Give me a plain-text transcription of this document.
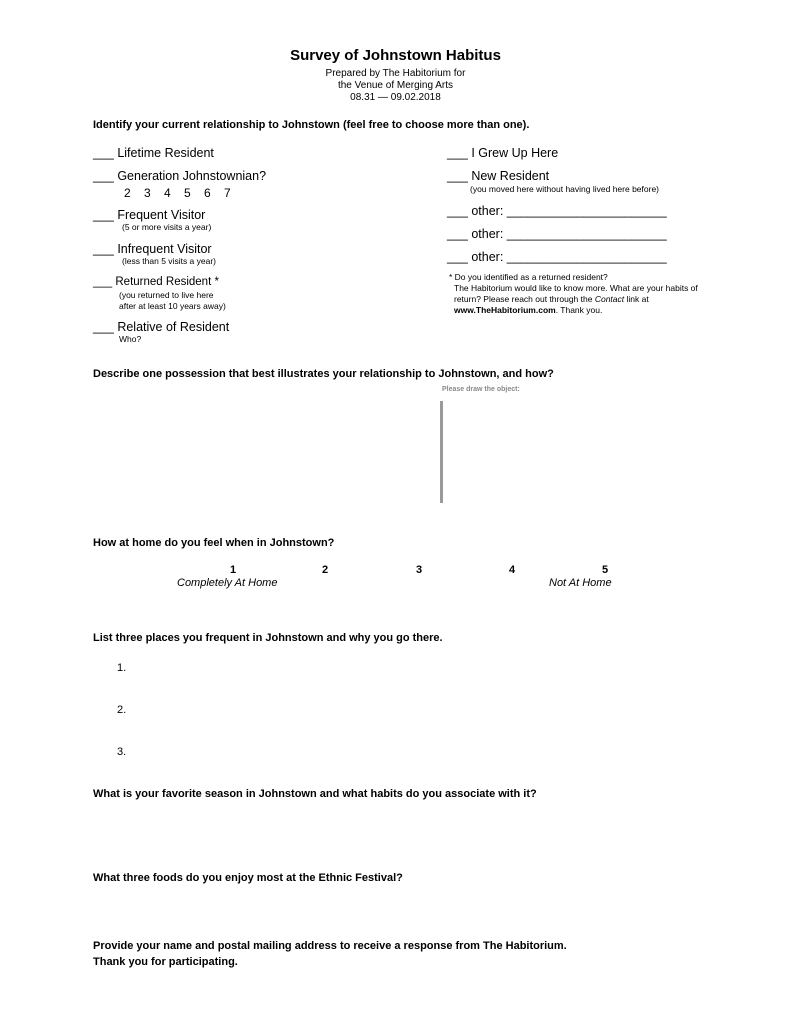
Survey of Johnstown Habitus
Prepared by The Habitorium for
the Venue of Merging Arts
08.31 — 09.02.2018
Identify your current relationship to Johnstown (feel free to choose more than one).
___ Lifetime Resident
___ Generation Johnstownian?
2 3 4 5 6 7
___ Frequent Visitor
(5 or more visits a year)
___ Infrequent Visitor
(less than 5 visits a year)
___ Returned Resident *
(you returned to live here
after at least 10 years away)
___ Relative of Resident
Who?
___ I Grew Up Here
___ New Resident
(you moved here without having lived here before)
___ other: _______________________
___ other: _______________________
___ other: _______________________
* Do you identified as a returned resident?
The Habitorium would like to know more. What are your habits of
return? Please reach out through the Contact link at
www.TheHabitorium.com. Thank you.
Describe one possession that best illustrates your relationship to Johnstown, and how?
Please draw the object:
How at home do you feel when in Johnstown?
1	2	3	4	5
Completely At Home	Not At Home
List three places you frequent in Johnstown and why you go there.
1.
2.
3.
What is your favorite season in Johnstown and what habits do you associate with it?
What three foods do you enjoy most at the Ethnic Festival?
Provide your name and postal mailing address to receive a response from The Habitorium.
Thank you for participating.
